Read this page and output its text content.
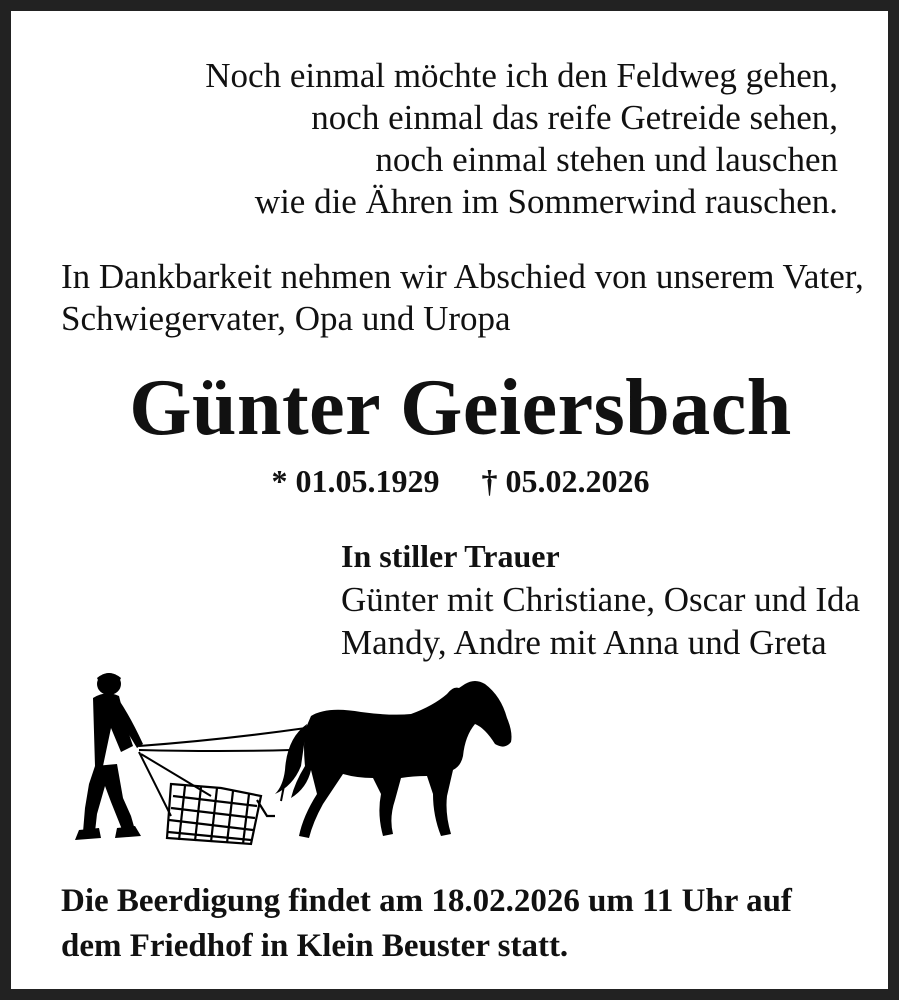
Noch einmal möchte ich den Feldweg gehen,
noch einmal das reife Getreide sehen,
noch einmal stehen und lauschen
wie die Ähren im Sommerwind rauschen.
In Dankbarkeit nehmen wir Abschied von unserem Vater,
Schwiegervater, Opa und Uropa
Günter Geiersbach
* 01.05.1929 † 05.02.2026
In stiller Trauer
Günter mit Christiane, Oscar und Ida
Mandy, Andre mit Anna und Greta
Die Beerdigung findet am 18.02.2026 um 11 Uhr auf
dem Friedhof in Klein Beuster statt.
